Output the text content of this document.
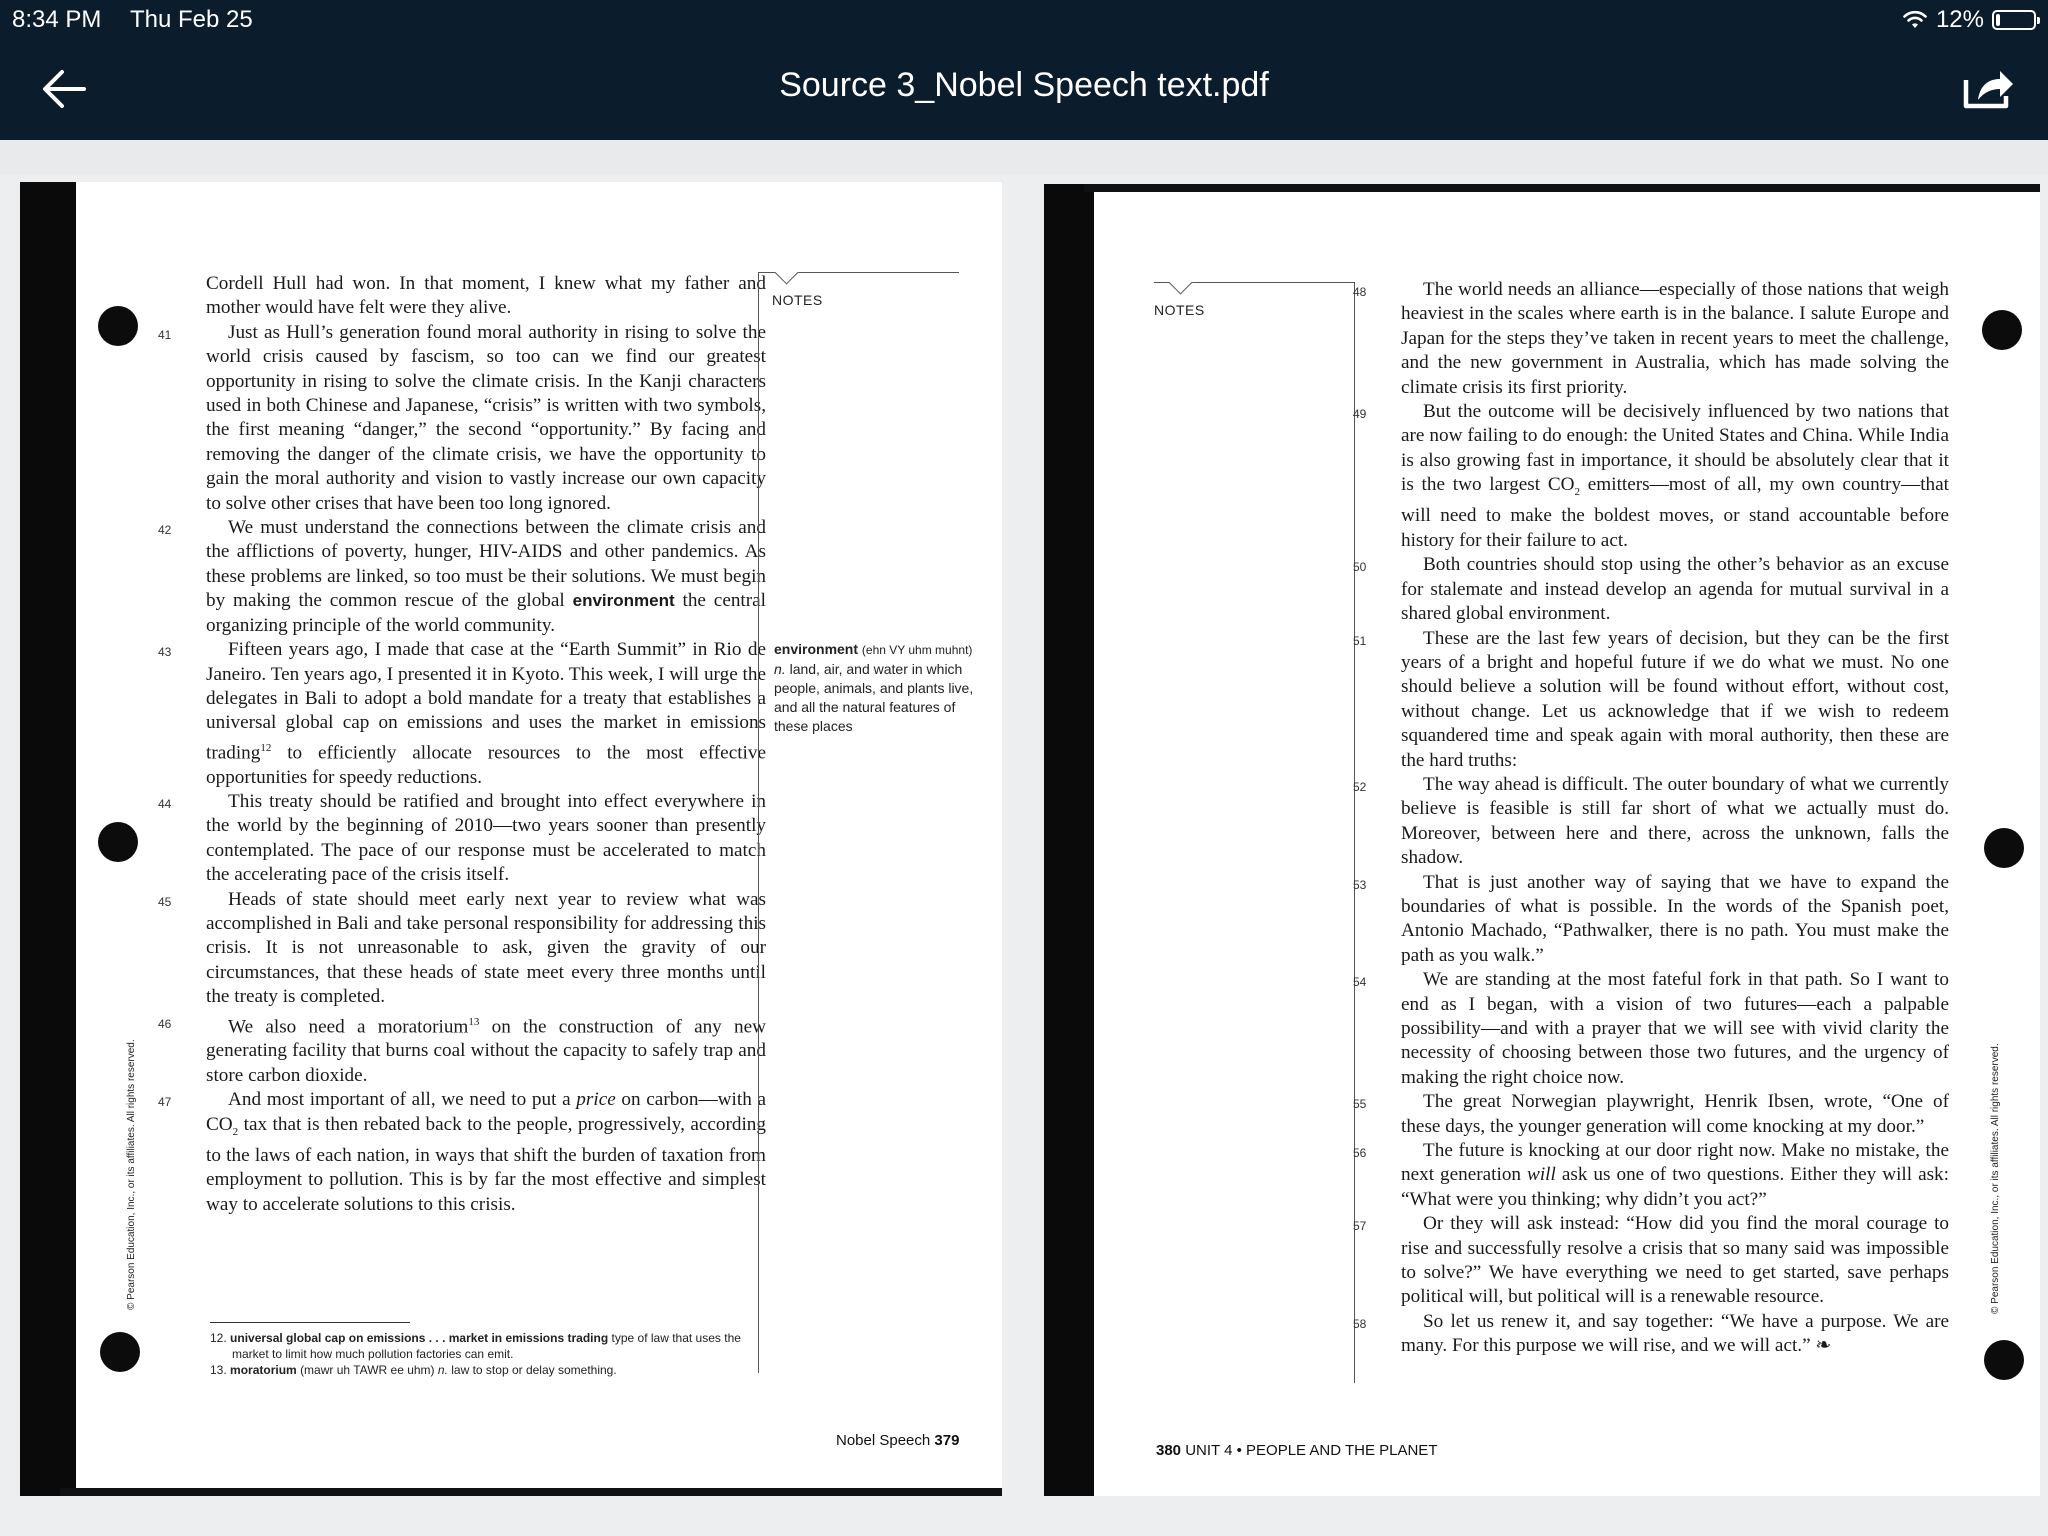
8:34 PM Thu Feb 25	12%
Source 3_Nobel Speech text.pdf
© Pearson Education, Inc., or its affiliates. All rights reserved.

Cordell Hull had won. In that moment, I knew what my father and mother would have felt were they alive.

41	Just as Hull’s generation found moral authority in rising to solve the world crisis caused by fascism, so too can we find our greatest opportunity in rising to solve the climate crisis. In the Kanji characters used in both Chinese and Japanese, “crisis” is written with two symbols, the first meaning “danger,” the second “opportunity.” By facing and removing the danger of the climate crisis, we have the opportunity to gain the moral authority and vision to vastly increase our own capacity to solve other crises that have been too long ignored.

42	We must understand the connections between the climate crisis and the afflictions of poverty, hunger, HIV-AIDS and other pandemics. As these problems are linked, so too must be their solutions. We must begin by making the common rescue of the global environment the central organizing principle of the world community.

43	Fifteen years ago, I made that case at the “Earth Summit” in Rio de Janeiro. Ten years ago, I presented it in Kyoto. This week, I will urge the delegates in Bali to adopt a bold mandate for a treaty that establishes a universal global cap on emissions and uses the market in emissions trading$^{12}$ to efficiently allocate resources to the most effective opportunities for speedy reductions.

44	This treaty should be ratified and brought into effect everywhere in the world by the beginning of 2010—two years sooner than presently contemplated. The pace of our response must be accelerated to match the accelerating pace of the crisis itself.

45	Heads of state should meet early next year to review what was accomplished in Bali and take personal responsibility for addressing this crisis. It is not unreasonable to ask, given the gravity of our circumstances, that these heads of state meet every three months until the treaty is completed.

46	We also need a moratorium$^{13}$ on the construction of any new generating facility that burns coal without the capacity to safely trap and store carbon dioxide.

47	And most important of all, we need to put a price on carbon—with a $CO_2$ tax that is then rebated back to the people, progressively, according to the laws of each nation, in ways that shift the burden of taxation from employment to pollution. This is by far the most effective and simplest way to accelerate solutions to this crisis.

NOTES
environment (ehn VY uhm muhnt) n. land, air, and water in which people, animals, and plants live, and all the natural features of these places
12. universal global cap on emissions . . . market in emissions trading type of law that uses the market to limit how much pollution factories can emit.
13. moratorium (mawr uh TAWR ee uhm) n. law to stop or delay something.
Nobel Speech 379
© Pearson Education, Inc., or its affiliates. All rights reserved.
NOTES

48	The world needs an alliance—especially of those nations that weigh heaviest in the scales where earth is in the balance. I salute Europe and Japan for the steps they’ve taken in recent years to meet the challenge, and the new government in Australia, which has made solving the climate crisis its first priority.

49	But the outcome will be decisively influenced by two nations that are now failing to do enough: the United States and China. While India is also growing fast in importance, it should be absolutely clear that it is the two largest $CO_2$ emitters—most of all, my own country—that will need to make the boldest moves, or stand accountable before history for their failure to act.

50	Both countries should stop using the other’s behavior as an excuse for stalemate and instead develop an agenda for mutual survival in a shared global environment.

51	These are the last few years of decision, but they can be the first years of a bright and hopeful future if we do what we must. No one should believe a solution will be found without effort, without cost, without change. Let us acknowledge that if we wish to redeem squandered time and speak again with moral authority, then these are the hard truths:

52	The way ahead is difficult. The outer boundary of what we currently believe is feasible is still far short of what we actually must do. Moreover, between here and there, across the unknown, falls the shadow.

53	That is just another way of saying that we have to expand the boundaries of what is possible. In the words of the Spanish poet, Antonio Machado, “Pathwalker, there is no path. You must make the path as you walk.”

54	We are standing at the most fateful fork in that path. So I want to end as I began, with a vision of two futures—each a palpable possibility—and with a prayer that we will see with vivid clarity the necessity of choosing between those two futures, and the urgency of making the right choice now.

55	The great Norwegian playwright, Henrik Ibsen, wrote, “One of these days, the younger generation will come knocking at my door.”

56	The future is knocking at our door right now. Make no mistake, the next generation will ask us one of two questions. Either they will ask: “What were you thinking; why didn’t you act?”

57	Or they will ask instead: “How did you find the moral courage to rise and successfully resolve a crisis that so many said was impossible to solve?” We have everything we need to get started, save perhaps political will, but political will is a renewable resource.

58	So let us renew it, and say together: “We have a purpose. We are many. For this purpose we will rise, and we will act.” ❧

380 UNIT 4 • PEOPLE AND THE PLANET
